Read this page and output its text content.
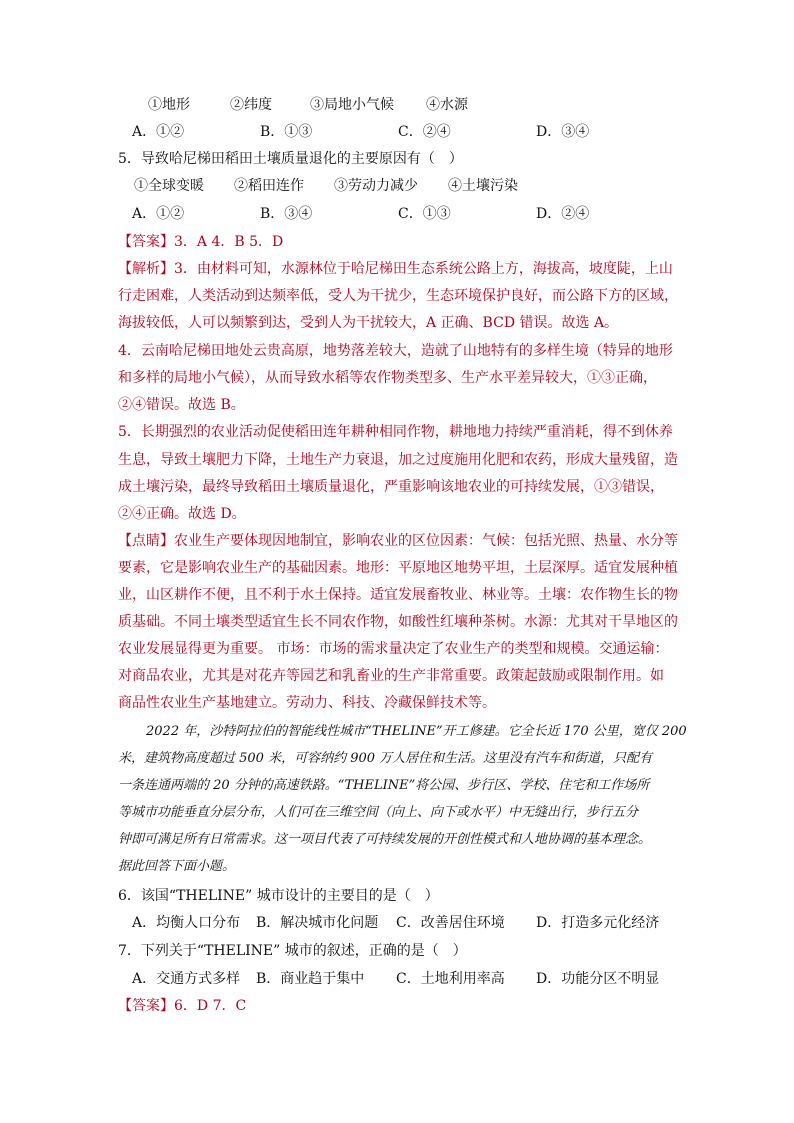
①地形	②纬度	③局地小气候	④水源
A．①②	B．①③	C．②④	D．③④
5．导致哈尼梯田稻田土壤质量退化的主要原因有（　）
①全球变暖	②稻田连作	③劳动力减少	④土壤污染
A．①②	B．③④	C．①③	D．②④
【答案】3．A 4．B 5．D
【解析】3．由材料可知，水源林位于哈尼梯田生态系统公路上方，海拔高，坡度陡，上山
行走困难，人类活动到达频率低，受人为干扰少，生态环境保护良好，而公路下方的区域，
海拔较低，人可以频繁到达，受到人为干扰较大，A 正确、BCD 错误。故选 A。
4．云南哈尼梯田地处云贵高原，地势落差较大，造就了山地特有的多样生境（特异的地形
和多样的局地小气候），从而导致水稻等农作物类型多、生产水平差异较大，①③正确，
②④错误。故选 B。
5．长期强烈的农业活动促使稻田连年耕种相同作物，耕地地力持续严重消耗，得不到休养
生息，导致土壤肥力下降，土地生产力衰退，加之过度施用化肥和农药，形成大量残留，造
成土壤污染，最终导致稻田土壤质量退化，严重影响该地农业的可持续发展，①③错误，
②④正确。故选 D。
【点睛】农业生产要体现因地制宜，影响农业的区位因素：气候：包括光照、热量、水分等
要素，它是影响农业生产的基础因素。地形：平原地区地势平坦，土层深厚。适宜发展种植
业，山区耕作不便，且不利于水土保持。适宜发展畜牧业、林业等。土壤：农作物生长的物
质基础。不同土壤类型适宜生长不同农作物，如酸性红壤种茶树。水源：尤其对干旱地区的
农业发展显得更为重要。 市场：市场的需求量决定了农业生产的类型和规模。交通运输：
对商品农业，尤其是对花卉等园艺和乳畜业的生产非常重要。政策起鼓励或限制作用。如
商品性农业生产基地建立。劳动力、科技、冷藏保鲜技术等。
2022 年，沙特阿拉伯的智能线性城市“THELINE”开工修建。它全长近 170 公里，宽仅 200
米，建筑物高度超过 500 米，可容纳约 900 万人居住和生活。这里没有汽车和街道，只配有
一条连通两端的 20 分钟的高速铁路。“THELINE”将公园、步行区、学校、住宅和工作场所
等城市功能垂直分层分布，人们可在三维空间（向上、向下或水平）中无缝出行，步行五分
钟即可满足所有日常需求。这一项目代表了可持续发展的开创性模式和人地协调的基本理念。
据此回答下面小题。
6．该国“THELINE” 城市设计的主要目的是（　）
A．均衡人口分布	B．解决城市化问题	C．改善居住环境	D．打造多元化经济
7．下列关于“THELINE” 城市的叙述，正确的是（　）
A．交通方式多样	B．商业趋于集中	C．土地利用率高	D．功能分区不明显
【答案】6．D 7．C
